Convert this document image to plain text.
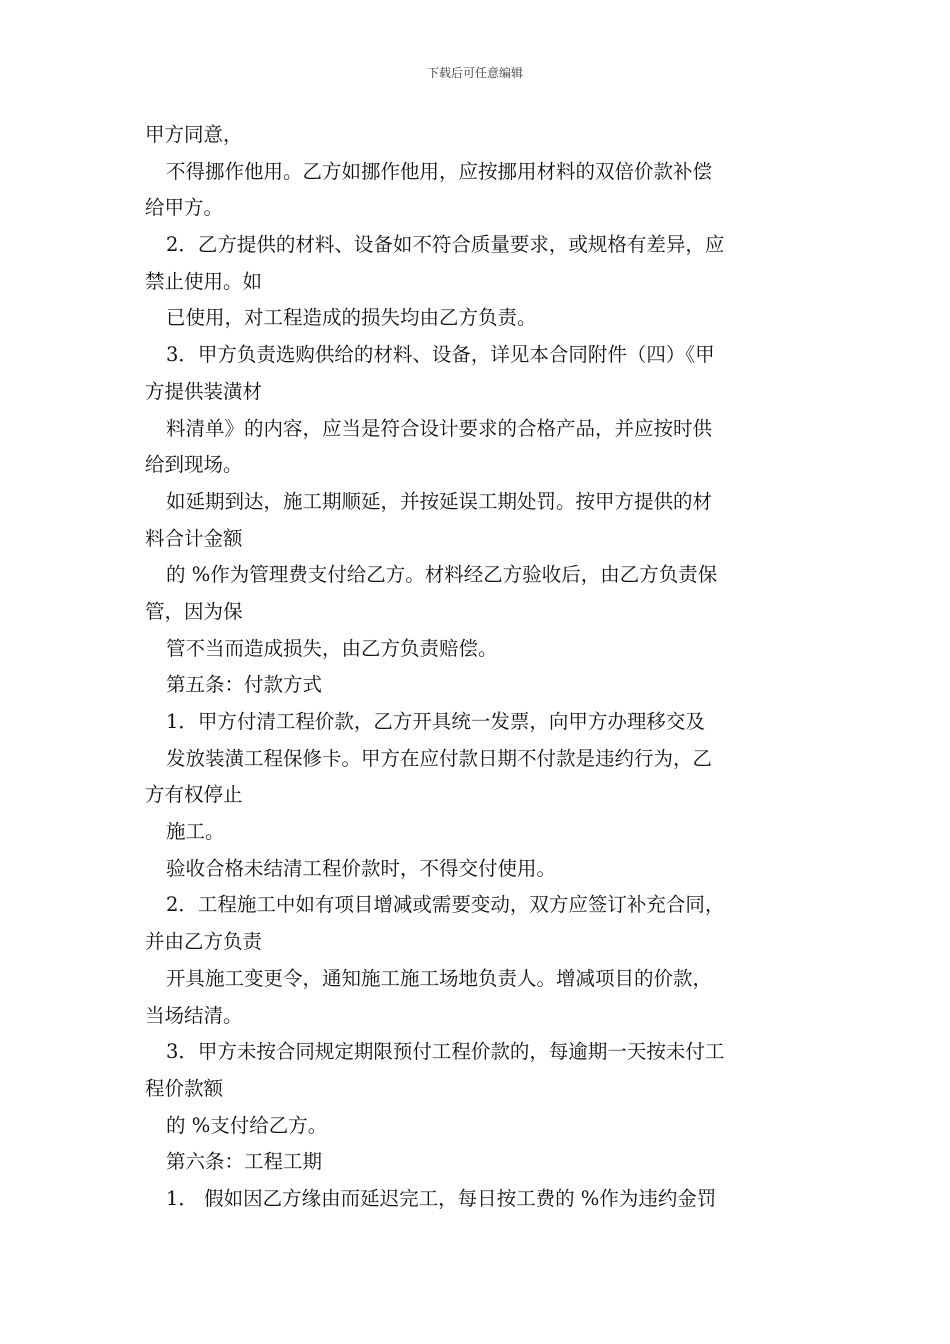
下载后可任意编辑
甲方同意，
不得挪作他用。乙方如挪作他用，应按挪用材料的双倍价款补偿
给甲方。
2．乙方提供的材料、设备如不符合质量要求，或规格有差异，应
禁止使用。如
已使用，对工程造成的损失均由乙方负责。
3．甲方负责选购供给的材料、设备，详见本合同附件（四）《甲
方提供装潢材
料清单》的内容，应当是符合设计要求的合格产品，并应按时供
给到现场。
如延期到达，施工期顺延，并按延误工期处罚。按甲方提供的材
料合计金额
的 %作为管理费支付给乙方。材料经乙方验收后，由乙方负责保
管，因为保
管不当而造成损失，由乙方负责赔偿。
第五条：付款方式
1．甲方付清工程价款，乙方开具统一发票，向甲方办理移交及
发放装潢工程保修卡。甲方在应付款日期不付款是违约行为，乙
方有权停止
施工。
验收合格未结清工程价款时，不得交付使用。
2．工程施工中如有项目增减或需要变动，双方应签订补充合同，
并由乙方负责
开具施工变更令，通知施工施工场地负责人。增减项目的价款，
当场结清。
3．甲方未按合同规定期限预付工程价款的，每逾期一天按未付工
程价款额
的 %支付给乙方。
第六条：工程工期
1． 假如因乙方缘由而延迟完工，每日按工费的 %作为违约金罚
